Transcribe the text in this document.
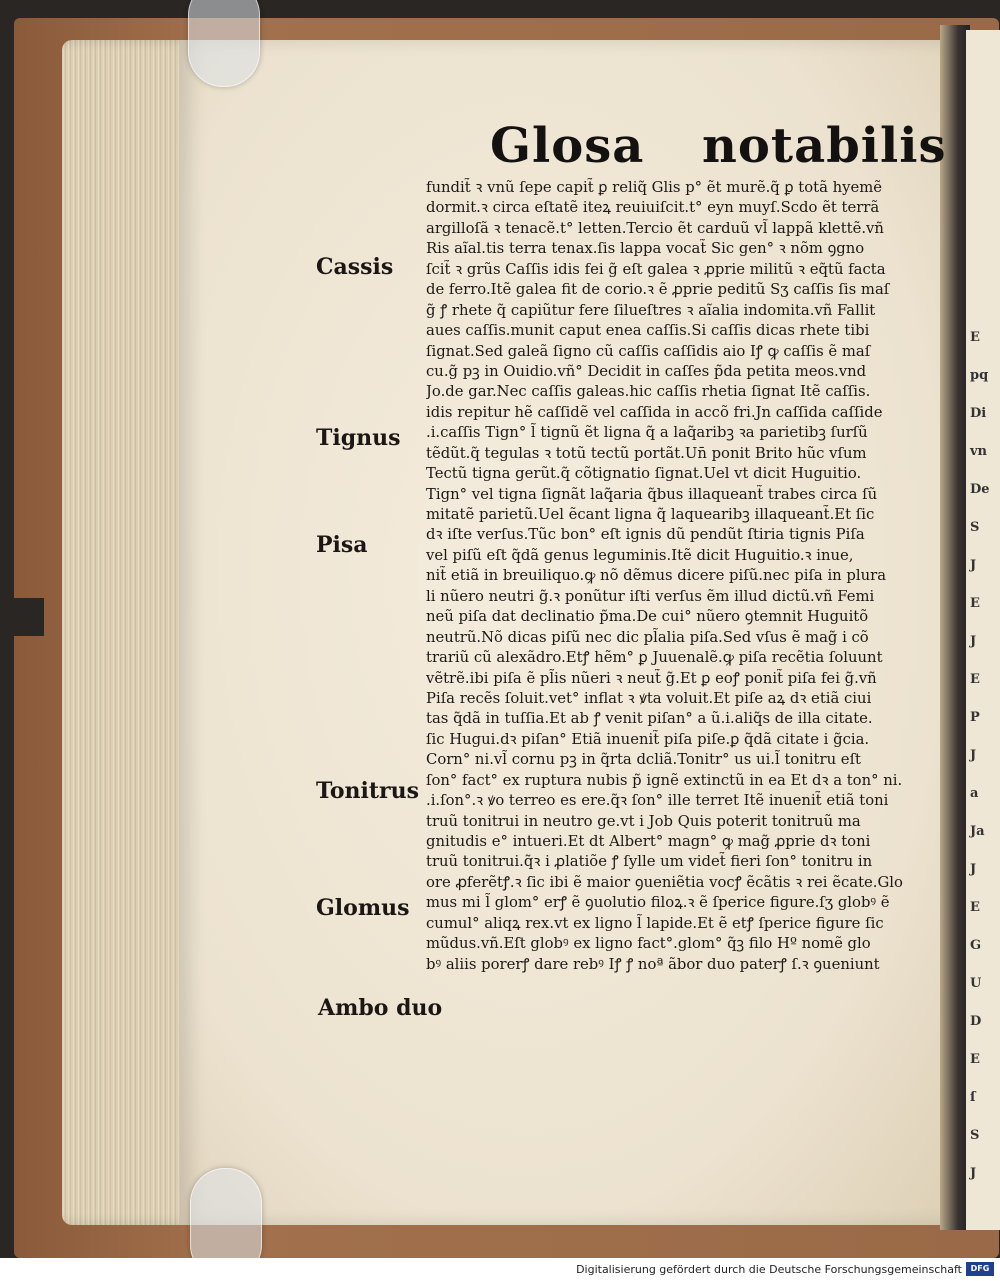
E
pq
Di
vn
De
S
J
E
J
E
P
J
a
Ja
J
E
G
U
D
E
ſ
S
J
Glosa notabilis
Cassis
Tignus
Pisa
Tonitrus
Glomus
Ambo duo
fundit̃ ꝛ vnũ ſepe capit̃ ꝑ reliq̃ Glis p° ẽt murẽ.q̃ ꝑ totã hyemẽ
dormit.ꝛ circa eſtatẽ iteꝝ reuiuiſcit.t° eyn muyſ.Scdo ẽt terrã
argilloſã ꝛ tenacẽ.t° letten.Tercio ẽt carduũ vl̃ lappã klettẽ.vñ
Ris aĩal.tis terra tenax.ſis lappa vocat̃ Sic gen° ꝛ nõm ꝯgno
ſcit̃ ꝛ grũs Caſſis idis fei g̃ eſt galea ꝛ ꝓprie militũ ꝛ eq̃tũ facta
de ferro.Itẽ galea fit de corio.ꝛ ẽ ꝓprie peditũ Sʒ caſſis ſis maſ
g̃ ꝭ rhete q̃ capiũtur fere ſilueſtres ꝛ aĩalia indomita.vñ Fallit
aues caſſis.munit caput enea caſſis.Si caſſis dicas rhete tibi
ſignat.Sed galeã ſigno cũ caſſis caſſidis aio Iꝭ ꝙ caſſis ẽ maſ
cu.g̃ pꝫ in Ouidio.vñ° Decidit in caſſes p̃da petita meos.vnd
Jo.de gar.Nec caſſis galeas.hic caſſis rhetia ſignat Itẽ caſſis.
idis repitur hẽ caſſidẽ vel caſſida in accõ fri.Jn caſſida caſſide
.i.caſſis Tign° l̃ tignũ ẽt ligna q̃ a laq̃aribꝫ ꝛa parietibꝫ ſurſũ
tẽdũt.q̃ tegulas ꝛ totũ tectũ portãt.Un̄ ponit Brito hũc vſum
Tectũ tigna gerũt.q̃ cõtignatio ſignat.Uel vt dicit Huguitio.
Tign° vel tigna ſignãt laq̃aria q̃bus illaqueant̃ trabes circa ſũ
mitatẽ parietũ.Uel ẽcant ligna q̃ laquearibꝫ illaqueant̃.Et ſic
dꝛ iſte verſus.Tũc bon° eſt ignis dũ pendũt ſtiria tignis Piſa
vel piſũ eſt q̃dã genus leguminis.Itẽ dicit Huguitio.ꝛ inue,
nit̃ etiã in breuiliquo.ꝙ nõ dẽmus dicere piſũ.nec piſa in plura
li nũero neutri g̃.ꝛ ponũtur iſti verſus ẽm illud dictũ.vñ Femi
neũ piſa dat declinatio p̃ma.De cui° nũero ꝯtemnit Huguitõ
neutrũ.Nõ dicas piſũ nec dic pl̃alia piſa.Sed vſus ẽ mag̃ i cõ
trariũ cũ alexãdro.Etꝭ hẽm° ꝑ Juuenalẽ.ꝙ piſa recẽtia ſoluunt
vẽtrẽ.ibi piſa ẽ pl̃is nũeri ꝛ neut̃ g̃.Et ꝑ eoꝭ ponit̃ piſa fei g̃.vñ
Piſa recẽs ſoluit.vet° inflat ꝛ ꝟta voluit.Et piſe aꝝ dꝛ etiã ciui
tas q̃dã in tuſſia.Et ab ꝭ venit piſan° a ũ.i.aliq̃s de illa citate.
ſic Hugui.dꝛ piſan° Etiã inuenit̃ piſa piſe.ꝑ q̃dã citate i g̃cia.
Corn° ni.vl̃ cornu pꝫ in q̃rta dcliã.Tonitr° us ui.l̃ tonitru eſt
ſon° fact° ex ruptura nubis p̃ ignẽ extinctũ in ea Et dꝛ a ton° ni.
.i.ſon°.ꝛ ꝟo terreo es ere.q̃ꝛ ſon° ille terret Itẽ inuenit̃ etiã toni
truũ tonitrui in neutro ge.vt i Job Quis poterit tonitruũ ma
gnitudis e° intueri.Et dt Albert° magn° ꝙ mag̃ ꝓprie dꝛ toni
truũ tonitrui.q̃ꝛ i ꝓlatiõe ꝭ ſylle um videt̃ fieri ſon° tonitru in
ore ꝓferẽtꝭ.ꝛ ſic ibi ẽ maior ꝯueniẽtia vocꝭ ẽcãtis ꝛ rei ẽcate.Glo
mus mi l̃ glom° erꝭ ẽ ꝯuolutio filoꝝ.ꝛ ẽ ſperice figure.ſʒ globꝰ ẽ
cumul° aliqꝝ rex.vt ex ligno l̃ lapide.Et ẽ etꝭ ſperice figure ſic
mũdus.vñ.Eſt globꝰ ex ligno fact°.glom° q̃ꝫ filo Hº nomẽ glo
bꝰ aliis porerꝭ dare rebꝰ Iꝭ ꝭ noª ãbor duo paterꝭ ſ.ꝛ ꝯueniunt
Digitalisierung gefördert durch die Deutsche Forschungsgemeinschaft	DFG
